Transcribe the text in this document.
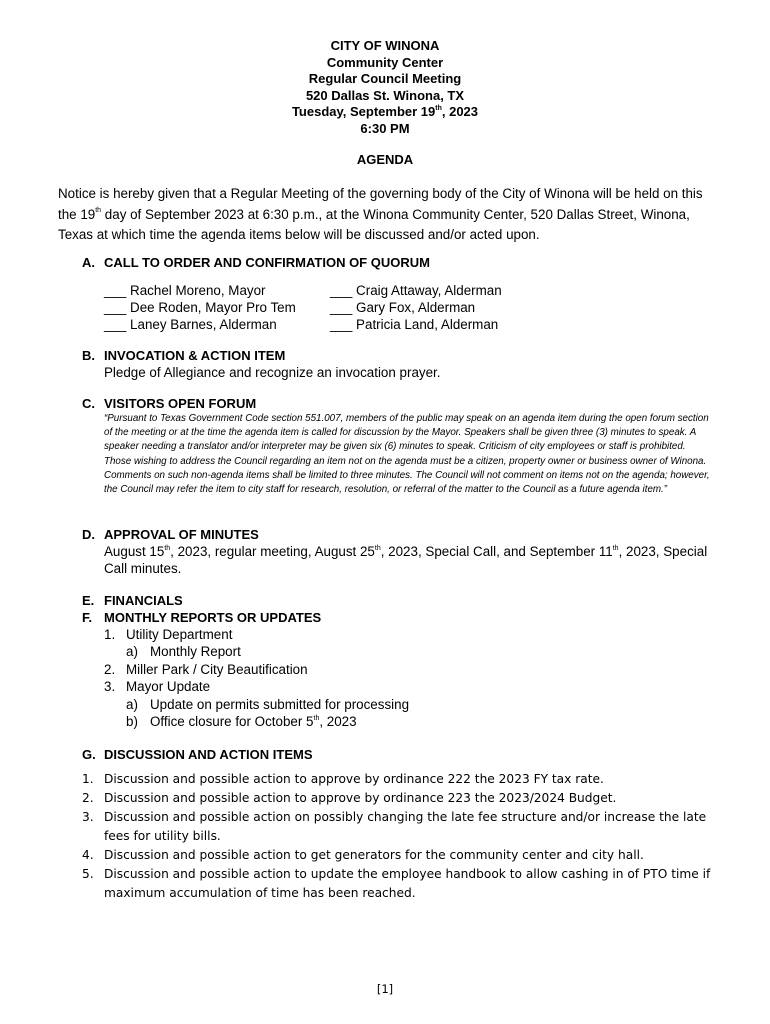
CITY OF WINONA
Community Center
Regular Council Meeting
520 Dallas St. Winona, TX
Tuesday, September 19th, 2023
6:30 PM
AGENDA
Notice is hereby given that a Regular Meeting of the governing body of the City of Winona will be held on this the 19th day of September 2023 at 6:30 p.m., at the Winona Community Center, 520 Dallas Street, Winona, Texas at which time the agenda items below will be discussed and/or acted upon.
A. CALL TO ORDER AND CONFIRMATION OF QUORUM
___ Rachel Moreno, Mayor
___ Dee Roden, Mayor Pro Tem
___ Laney Barnes, Alderman
___ Craig Attaway, Alderman
___ Gary Fox, Alderman
___ Patricia Land, Alderman
B. INVOCATION & ACTION ITEM
Pledge of Allegiance and recognize an invocation prayer.
C. VISITORS OPEN FORUM
“Pursuant to Texas Government Code section 551.007, members of the public may speak on an agenda item during the open forum section of the meeting or at the time the agenda item is called for discussion by the Mayor. Speakers shall be given three (3) minutes to speak. A speaker needing a translator and/or interpreter may be given six (6) minutes to speak. Criticism of city employees or staff is prohibited. Those wishing to address the Council regarding an item not on the agenda must be a citizen, property owner or business owner of Winona. Comments on such non-agenda items shall be limited to three minutes. The Council will not comment on items not on the agenda; however, the Council may refer the item to city staff for research, resolution, or referral of the matter to the Council as a future agenda item.”
D. APPROVAL OF MINUTES
August 15th, 2023, regular meeting, August 25th, 2023, Special Call, and September 11th, 2023, Special Call minutes.
E. FINANCIALS
F. MONTHLY REPORTS OR UPDATES
1. Utility Department
a) Monthly Report
2. Miller Park / City Beautification
3. Mayor Update
a) Update on permits submitted for processing
b) Office closure for October 5th, 2023
G. DISCUSSION AND ACTION ITEMS
1. Discussion and possible action to approve by ordinance 222 the 2023 FY tax rate.
2. Discussion and possible action to approve by ordinance 223 the 2023/2024 Budget.
3. Discussion and possible action on possibly changing the late fee structure and/or increase the late fees for utility bills.
4. Discussion and possible action to get generators for the community center and city hall.
5. Discussion and possible action to update the employee handbook to allow cashing in of PTO time if maximum accumulation of time has been reached.
[1]
